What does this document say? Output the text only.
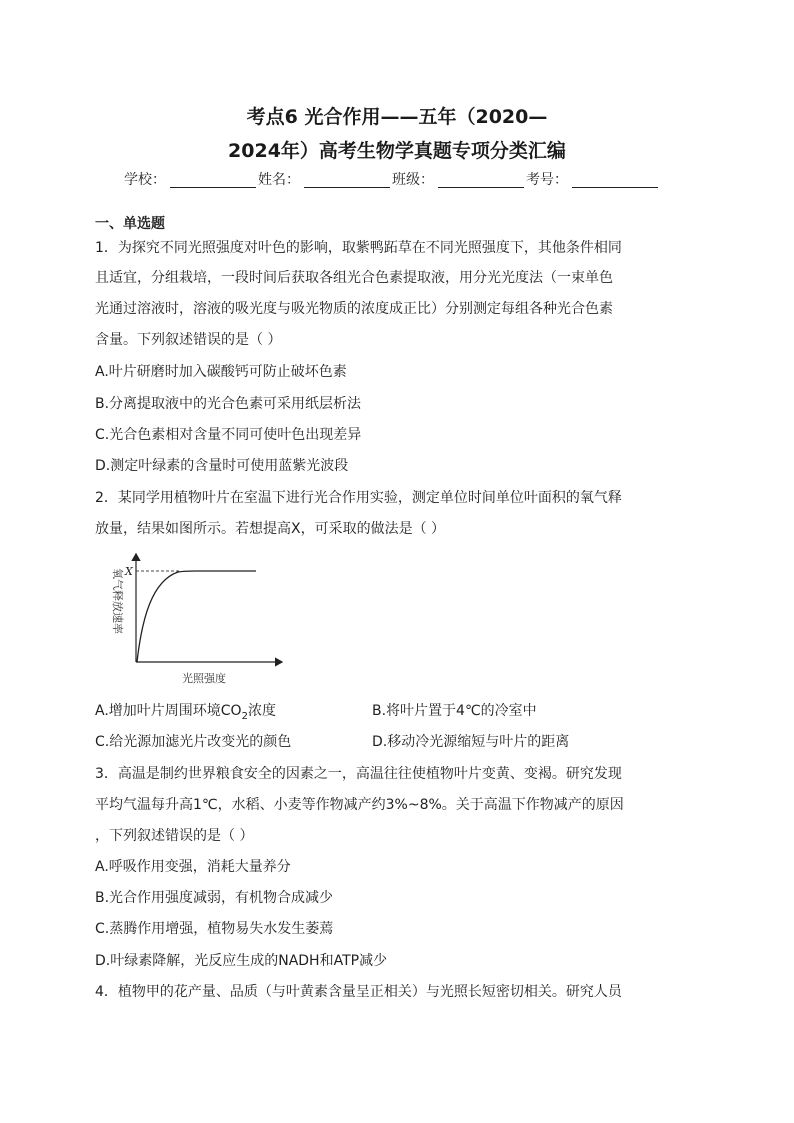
考点6 光合作用——五年（2020—
2024年）高考生物学真题专项分类汇编
学校：	姓名：	班级：	考号：
一、单选题
1．为探究不同光照强度对叶色的影响，取紫鸭跖草在不同光照强度下，其他条件相同
且适宜，分组栽培，一段时间后获取各组光合色素提取液，用分光光度法（一束单色
光通过溶液时，溶液的吸光度与吸光物质的浓度成正比）分别测定每组各种光合色素
含量。下列叙述错误的是（ ）
A.叶片研磨时加入碳酸钙可防止破坏色素
B.分离提取液中的光合色素可采用纸层析法
C.光合色素相对含量不同可使叶色出现差异
D.测定叶绿素的含量时可使用蓝紫光波段
2．某同学用植物叶片在室温下进行光合作用实验，测定单位时间单位叶面积的氧气释
放量，结果如图所示。若想提高X，可采取的做法是（ ）
X
氧气释放速率
光照强度
A.增加叶片周围环境$CO_2$浓度	B.将叶片置于4℃的冷室中
C.给光源加滤光片改变光的颜色	D.移动冷光源缩短与叶片的距离
3．高温是制约世界粮食安全的因素之一，高温往往使植物叶片变黄、变褐。研究发现
平均气温每升高1℃，水稻、小麦等作物减产约3%~8%。关于高温下作物减产的原因
，下列叙述错误的是（ ）
A.呼吸作用变强，消耗大量养分
B.光合作用强度减弱，有机物合成减少
C.蒸腾作用增强，植物易失水发生萎蔫
D.叶绿素降解，光反应生成的NADH和ATP减少
4．植物甲的花产量、品质（与叶黄素含量呈正相关）与光照长短密切相关。研究人员
